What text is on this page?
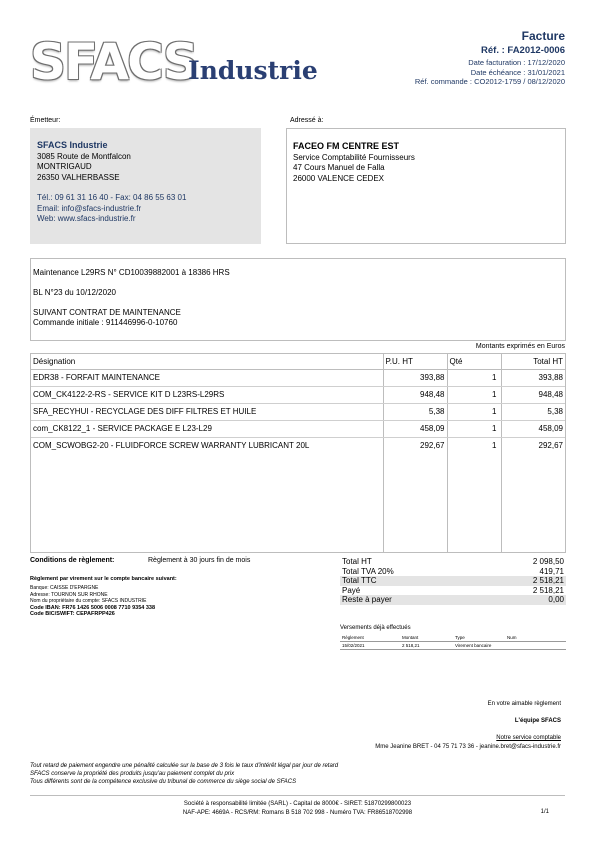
SFACS
Industrie
Facture
Réf. : FA2012-0006
Date facturation : 17/12/2020
Date échéance : 31/01/2021
Réf. commande : CO2012-1759 / 08/12/2020
Émetteur:
SFACS Industrie
3085 Route de Montfalcon
MONTRIGAUD
26350 VALHERBASSE
Tél.: 09 61 31 16 40 - Fax: 04 86 55 63 01
Email: info@sfacs-industrie.fr
Web: www.sfacs-industrie.fr
Adressé à:
FACEO FM CENTRE EST
Service Comptabilité Fournisseurs
47 Cours Manuel de Falla
26000 VALENCE CEDEX
Maintenance L29RS N° CD10039882001 à 18386 HRS
BL N°23 du 10/12/2020
SUIVANT CONTRAT DE MAINTENANCE
Commande initiale : 911446996-0-10760
Montants exprimés en Euros
Désignation	P.U. HT	Qté	Total HT
EDR38 - FORFAIT MAINTENANCE	393,88	1	393,88
COM_CK4122-2-RS - SERVICE KIT D L23RS-L29RS	948,48	1	948,48
SFA_RECYHUI - RECYCLAGE DES DIFF FILTRES ET HUILE	5,38	1	5,38
com_CK8122_1 - SERVICE PACKAGE E L23-L29	458,09	1	458,09
COM_SCWOBG2-20 - FLUIDFORCE SCREW WARRANTY LUBRICANT 20L	292,67	1	292,67

Conditions de règlement:	Règlement à 30 jours fin de mois
Règlement par virement sur le compte bancaire suivant:
Banque: CAISSE D'EPARGNE
Adresse: TOURNON SUR RHONE
Nom du propriétaire du compte: SFACS INDUSTRIE
Code IBAN: FR76 1426 5006 0008 7710 9354 338
Code BIC/SWIFT: CEPAFRPP426
Total HT	2 098,50
Total TVA 20%	419,71
Total TTC	2 518,21
Payé	2 518,21
Reste à payer	0,00
Versements déjà effectués
Règlement	Montant	Type	Num
15/02/2021	2 518,21	Virement bancaire	
En votre aimable règlement
L'équipe SFACS
Notre service comptable
Mme Jeanine BRET - 04 75 71 73 36 - jeanine.bret@sfacs-industrie.fr
Tout retard de paiement engendre une pénalité calculée sur la base de 3 fois le taux d'intérêt légal par jour de retard
SFACS conserve la propriété des produits jusqu'au paiement complet du prix
Tous différents sont de la compétence exclusive du tribunal de commerce du siège social de SFACS
Société à responsabilité limitée (SARL) - Capital de 8000€ - SIRET: 51870299800023
NAF-APE: 4669A - RCS/RM: Romans B 518 702 998 - Numéro TVA: FR86518702998	1/1
